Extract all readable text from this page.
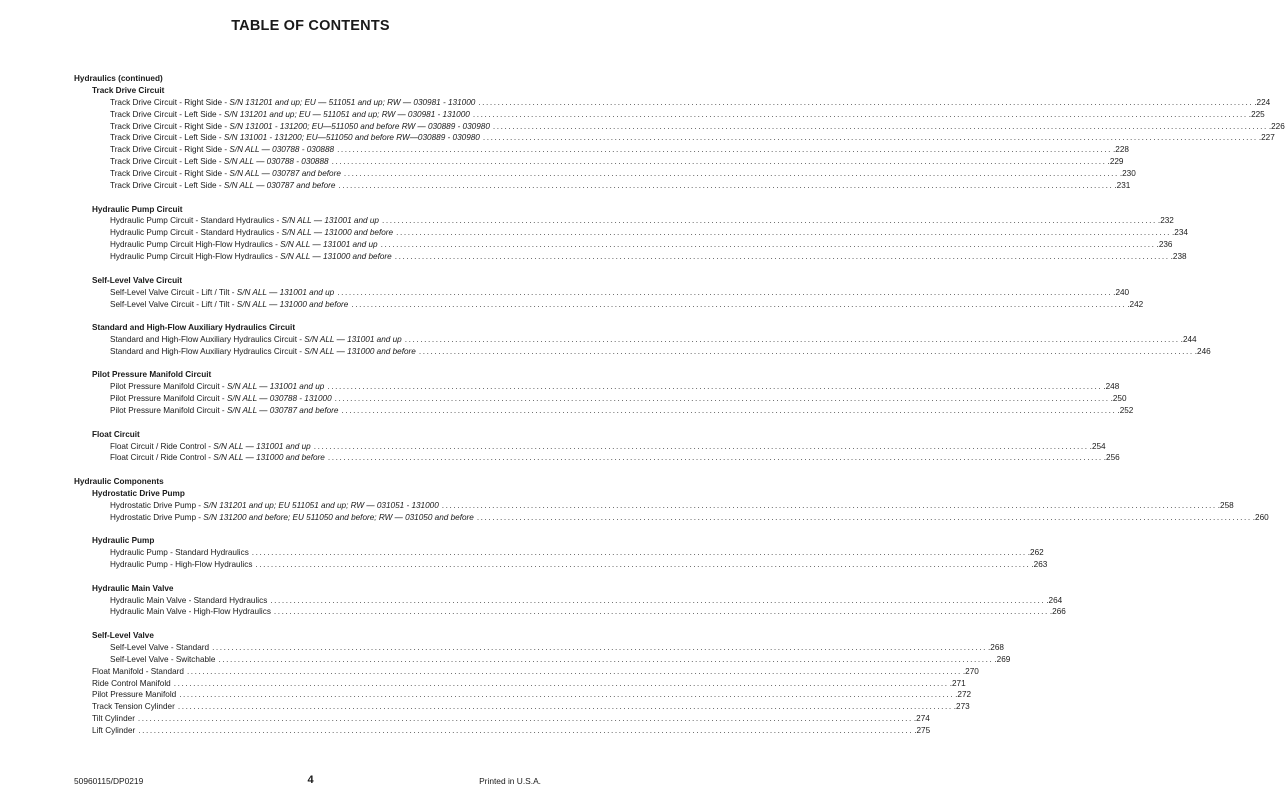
TABLE OF CONTENTS
Hydraulics (continued)
Track Drive Circuit
Track Drive Circuit - Right Side - S/N 131201 and up; EU — 511051 and up; RW — 030981 - 131000 ........................................................................................................................................................................................................ .224
Track Drive Circuit - Left Side - S/N 131201 and up; EU — 511051 and up; RW — 030981 - 131000 ........................................................................................................................................................................................................ .225
Track Drive Circuit - Right Side - S/N 131001 - 131200; EU—511050 and before RW — 030889 - 030980 ........................................................................................................................................................................................................ .226
Track Drive Circuit - Left Side - S/N 131001 - 131200; EU—511050 and before RW—030889 - 030980 ........................................................................................................................................................................................................ .227
Track Drive Circuit - Right Side - S/N ALL — 030788 - 030888 ........................................................................................................................................................................................................ .228
Track Drive Circuit - Left Side - S/N ALL — 030788 - 030888 ........................................................................................................................................................................................................ .229
Track Drive Circuit - Right Side - S/N ALL — 030787 and before ........................................................................................................................................................................................................ .230
Track Drive Circuit - Left Side - S/N ALL — 030787 and before ........................................................................................................................................................................................................ .231
Hydraulic Pump Circuit
Hydraulic Pump Circuit - Standard Hydraulics - S/N ALL — 131001 and up ........................................................................................................................................................................................................ .232
Hydraulic Pump Circuit - Standard Hydraulics - S/N ALL — 131000 and before ........................................................................................................................................................................................................ .234
Hydraulic Pump Circuit High-Flow Hydraulics - S/N ALL — 131001 and up ........................................................................................................................................................................................................ .236
Hydraulic Pump Circuit High-Flow Hydraulics - S/N ALL — 131000 and before ........................................................................................................................................................................................................ .238
Self-Level Valve Circuit
Self-Level Valve Circuit - Lift / Tilt - S/N ALL — 131001 and up ........................................................................................................................................................................................................ .240
Self-Level Valve Circuit - Lift / Tilt - S/N ALL — 131000 and before ........................................................................................................................................................................................................ .242
Standard and High-Flow Auxiliary Hydraulics Circuit
Standard and High-Flow Auxiliary Hydraulics Circuit - S/N ALL — 131001 and up ........................................................................................................................................................................................................ .244
Standard and High-Flow Auxiliary Hydraulics Circuit - S/N ALL — 131000 and before ........................................................................................................................................................................................................ .246
Pilot Pressure Manifold Circuit
Pilot Pressure Manifold Circuit - S/N ALL — 131001 and up ........................................................................................................................................................................................................ .248
Pilot Pressure Manifold Circuit - S/N ALL — 030788 - 131000 ........................................................................................................................................................................................................ .250
Pilot Pressure Manifold Circuit - S/N ALL — 030787 and before ........................................................................................................................................................................................................ .252
Float Circuit
Float Circuit / Ride Control - S/N ALL — 131001 and up ........................................................................................................................................................................................................ .254
Float Circuit / Ride Control - S/N ALL — 131000 and before ........................................................................................................................................................................................................ .256
Hydraulic Components
Hydrostatic Drive Pump
Hydrostatic Drive Pump - S/N 131201 and up; EU 511051 and up; RW — 031051 - 131000 ........................................................................................................................................................................................................ .258
Hydrostatic Drive Pump - S/N 131200 and before; EU 511050 and before; RW — 031050 and before ........................................................................................................................................................................................................ .260
Hydraulic Pump
Hydraulic Pump - Standard Hydraulics ........................................................................................................................................................................................................ .262
Hydraulic Pump - High-Flow Hydraulics ........................................................................................................................................................................................................ .263
Hydraulic Main Valve
Hydraulic Main Valve - Standard Hydraulics ........................................................................................................................................................................................................ .264
Hydraulic Main Valve - High-Flow Hydraulics ........................................................................................................................................................................................................ .266
Self-Level Valve
Self-Level Valve - Standard ........................................................................................................................................................................................................ .268
Self-Level Valve - Switchable ........................................................................................................................................................................................................ .269
Float Manifold - Standard ........................................................................................................................................................................................................ .270
Ride Control Manifold ........................................................................................................................................................................................................ .271
Pilot Pressure Manifold ........................................................................................................................................................................................................ .272
Track Tension Cylinder ........................................................................................................................................................................................................ .273
Tilt Cylinder ........................................................................................................................................................................................................ .274
Lift Cylinder ........................................................................................................................................................................................................ .275
50960115/DP0219	4	Printed in U.S.A.
